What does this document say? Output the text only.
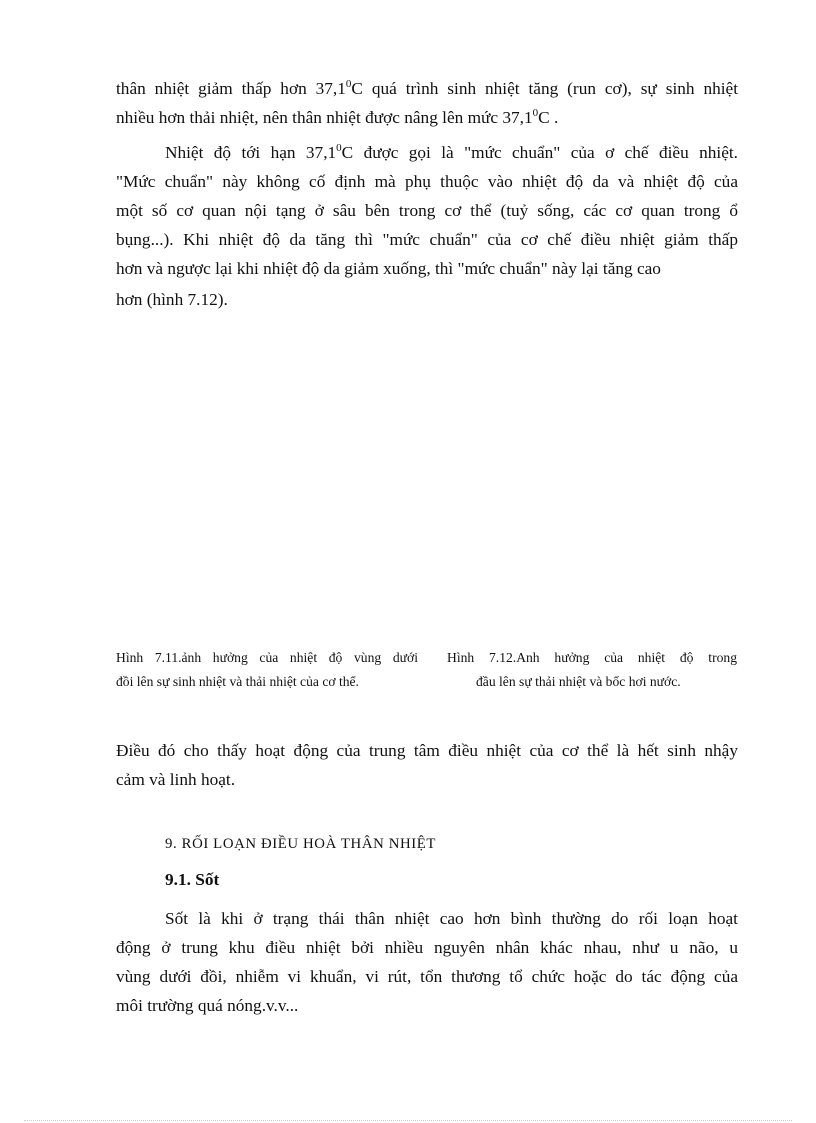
thân nhiệt giảm thấp hơn 37,1$^0$C quá trình sinh nhiệt tăng (run cơ), sự sinh nhiệt
nhiều hơn thải nhiệt, nên thân nhiệt được nâng lên mức 37,1$^0$C .
Nhiệt độ tới hạn 37,1$^0$C được gọi là "mức chuẩn" của ơ chế điều nhiệt.
"Mức chuẩn" này không cố định mà phụ thuộc vào nhiệt độ da và nhiệt độ của
một số cơ quan nội tạng ở sâu bên trong cơ thể (tuỷ sống, các cơ quan trong ổ
bụng...). Khi nhiệt độ da tăng thì "mức chuẩn" của cơ chế điều nhiệt giảm thấp
hơn và ngược lại khi nhiệt độ da giảm xuống, thì "mức chuẩn" này lại tăng cao

hơn (hình 7.12).

Hình 7.11.ảnh hưởng của nhiệt độ vùng dưới
đồi lên sự sinh nhiệt và thải nhiệt của cơ thể.
Hình 7.12.Anh hưởng của nhiệt độ trong
đầu lên sự thải nhiệt và bốc hơi nước.
Điều đó cho thấy hoạt động của trung tâm điều nhiệt của cơ thể là hết sinh nhậy
cảm và linh hoạt.
9. RỐI LOẠN ĐIỀU HOÀ THÂN NHIỆT
9.1. Sốt
Sốt là khi ở trạng thái thân nhiệt cao hơn bình thường do rối loạn hoạt
động ở trung khu điều nhiệt bởi nhiều nguyên nhân khác nhau, như u não, u
vùng dưới đồi, nhiễm vi khuẩn, vi rút, tổn thương tổ chức hoặc do tác động của
môi trường quá nóng.v.v...
